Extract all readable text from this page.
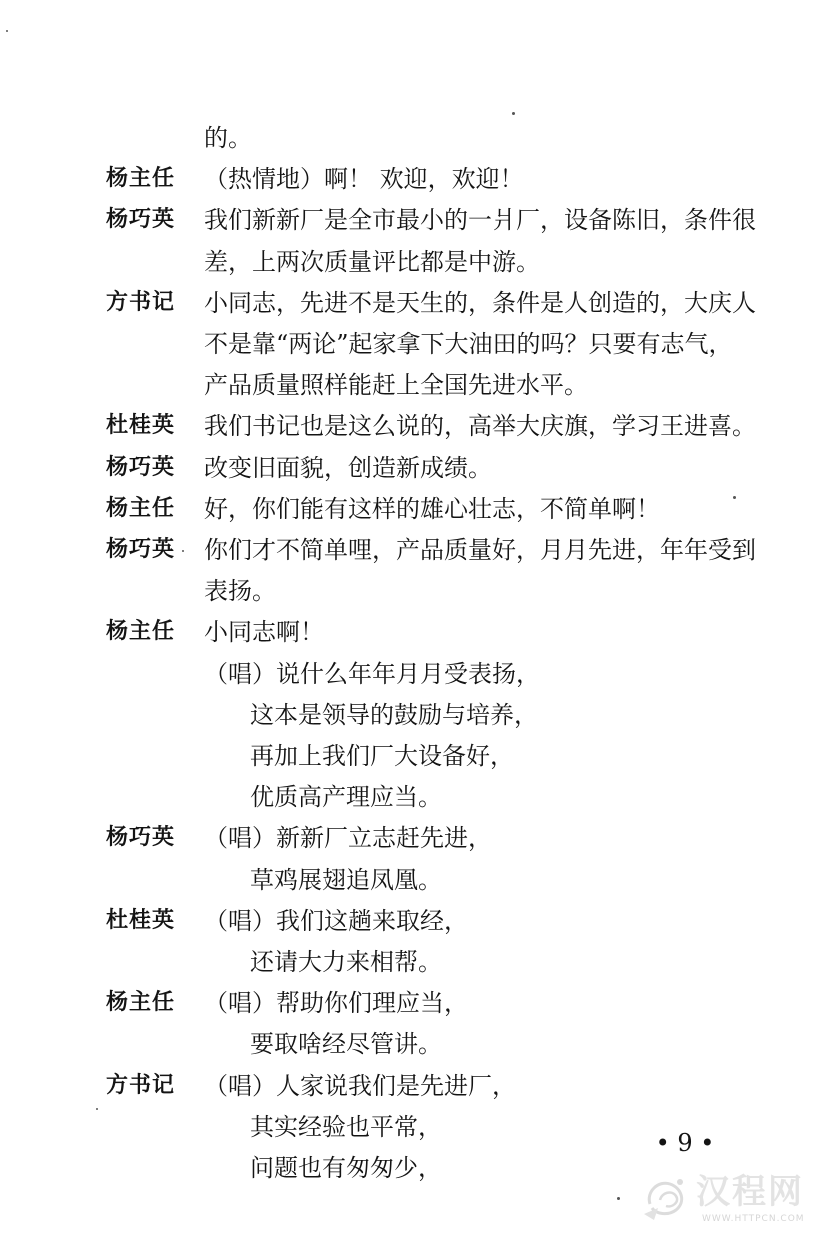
的。
杨主任	（热情地）啊！ 欢迎，欢迎！
杨巧英	我们新新厂是全市最小的一爿厂，设备陈旧，条件很
差，上两次质量评比都是中游。
方书记	小同志，先进不是天生的，条件是人创造的，大庆人
不是靠“两论”起家拿下大油田的吗？只要有志气，
产品质量照样能赶上全国先进水平。
杜桂英	我们书记也是这么说的，高举大庆旗，学习王进喜。
杨巧英	改变旧面貌，创造新成绩。
杨主任	好，你们能有这样的雄心壮志，不简单啊！
杨巧英	你们才不简单哩，产品质量好，月月先进，年年受到
表扬。
杨主任	小同志啊！
（唱）说什么年年月月受表扬，
这本是领导的鼓励与培养，
再加上我们厂大设备好，
优质高产理应当。
杨巧英	（唱）新新厂立志赶先进，
草鸡展翅追凤凰。
杜桂英	（唱）我们这趟来取经，
还请大力来相帮。
杨主任	（唱）帮助你们理应当，
要取啥经尽管讲。
方书记	（唱）人家说我们是先进厂，
其实经验也平常，
问题也有匆匆少，
• 9 •
汉程网
WWW.HTTPCN.COM
